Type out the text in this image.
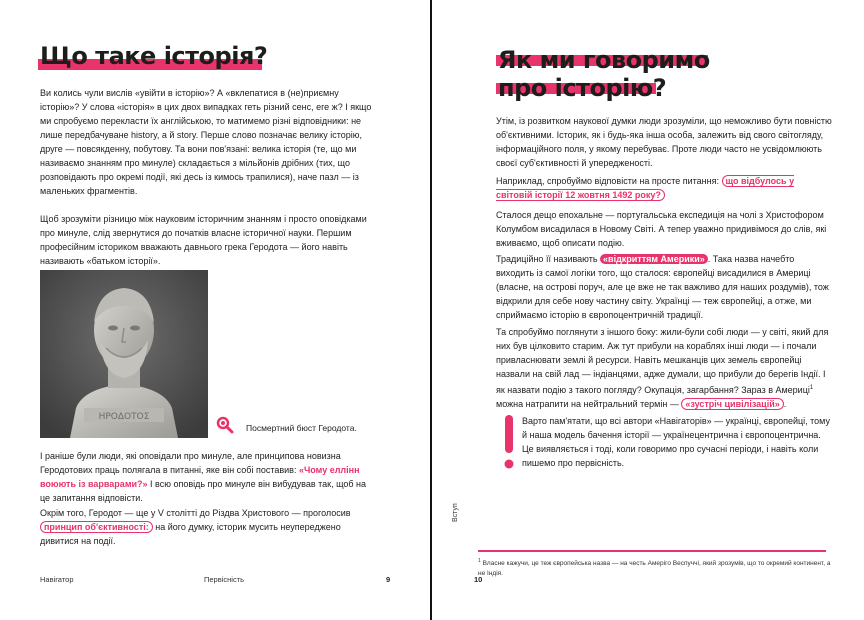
Що таке історія?
Ви колись чули вислів «увійти в історію»? А «вклепатися в (не)приємну історію»? У слова «історія» в цих двох випадках геть різний сенс, еге ж? І якщо ми спробуємо перекласти їх англійською, то матимемо різні відповідники: не лише передбачуване history, а й story. Перше слово позначає велику історію, друге — повсякденну, побутову. Та вони пов'язані: велика історія (те, що ми називаємо знанням про минуле) складається з мільйонів дрібних (тих, що розповідають про окремі події, які десь із кимось трапилися), наче пазл — із маленьких фрагментів.
Щоб зрозуміти різницю між науковим історичним знанням і просто оповідками про минуле, слід звернутися до початків власне історичної науки. Першим професійним істориком вважають давнього грека Геродота — його навіть називають «батьком історії».
ΗΡΟΔΟΤΟΣ
Посмертний бюст Геродота.
І раніше були люди, які оповідали про минуле, але принципова новизна Геродотових праць полягала в питанні, яке він собі поставив: «Чому еллінн воюють із варварами?» І всю оповідь про минуле він вибудував так, щоб на це запитання відповісти.
Окрім того, Геродот — ще у V столітті до Різдва Христового — проголосив принцип об'єктивності: на його думку, історик мусить неупереджено дивитися на події.
Навігатор	Первісність	9
Як ми говоримо
про історію?
Утім, із розвитком наукової думки люди зрозуміли, що неможливо бути повністю об'єктивними. Історик, як і будь-яка інша особа, залежить від свого світогляду, інформаційного поля, у якому перебуває. Проте люди часто не усвідомлюють своєї суб'єктивності й упередженості.
Наприклад, спробуймо відповісти на просте питання: що відбулось у світовій історії 12 жовтня 1492 року?
Сталося дещо епохальне — португальська експедиція на чолі з Христофором Колумбом висадилася в Новому Світі. А тепер уважно придивімося до слів, які вживаємо, щоб описати подію.
Традиційно її називають «відкриттям Америки» . Така назва начебто виходить із самої логіки того, що сталося: європейці висадилися в Америці (власне, на острові поруч, але це вже не так важливо для наших роздумів), тож відкрили для себе нову частину світу. Українці — теж європейці, а отже, ми сприймаємо історію в європоцентричній традиції.
Та спробуймо поглянути з іншого боку: жили-були собі люди — у світі, який для них був цілковито старим. Аж тут прибули на кораблях інші люди — і почали привласнювати землі й ресурси. Навіть мешканців цих земель європейці назвали на свій лад — індіанцями, адже думали, що прибули до берегів Індії. І як назвати подію з такого погляду? Окупація, загарбання? Зараз в Америці$^1$ можна натрапити на нейтральний термін — «зустріч цивілізацій» .
Варто пам'ятати, що всі автори «Навігаторів» — українці, європейці, тому й наша модель бачення історії — українецентрична і європоцентрична. Це виявляється і тоді, коли говоримо про сучасні періоди, і навіть коли пишемо про первісність.
Вступ
$^1$ Власне кажучи, це теж європейська назва — на честь Амеріго Веспуччі, який зрозумів, що то окремий континент, а не Індія.
10
